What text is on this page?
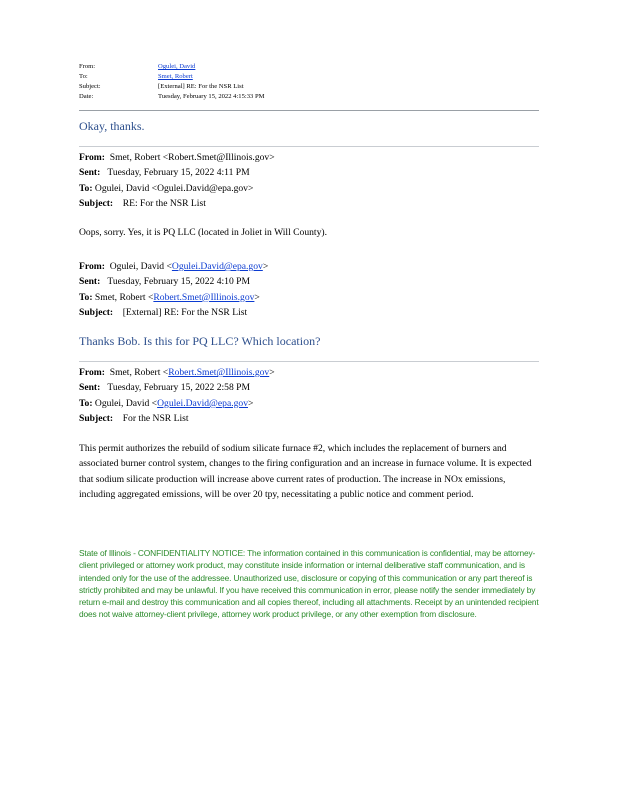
From:	Ogulei, David
To:	Smet, Robert
Subject:	[External] RE: For the NSR List
Date:	Tuesday, February 15, 2022 4:15:33 PM
Okay, thanks.
From: Smet, Robert <Robert.Smet@Illinois.gov>
Sent: Tuesday, February 15, 2022 4:11 PM
To: Ogulei, David <Ogulei.David@epa.gov>
Subject: RE: For the NSR List
Oops, sorry. Yes, it is PQ LLC (located in Joliet in Will County).
From: Ogulei, David <Ogulei.David@epa.gov>
Sent: Tuesday, February 15, 2022 4:10 PM
To: Smet, Robert <Robert.Smet@Illinois.gov>
Subject: [External] RE: For the NSR List
Thanks Bob. Is this for PQ LLC? Which location?
From: Smet, Robert <Robert.Smet@Illinois.gov>
Sent: Tuesday, February 15, 2022 2:58 PM
To: Ogulei, David <Ogulei.David@epa.gov>
Subject: For the NSR List
This permit authorizes the rebuild of sodium silicate furnace #2, which includes the replacement of burners and associated burner control system, changes to the firing configuration and an increase in furnace volume. It is expected that sodium silicate production will increase above current rates of production. The increase in NOx emissions, including aggregated emissions, will be over 20 tpy, necessitating a public notice and comment period.
State of Illinois - CONFIDENTIALITY NOTICE: The information contained in this communication is confidential, may be attorney-client privileged or attorney work product, may constitute inside information or internal deliberative staff communication, and is intended only for the use of the addressee. Unauthorized use, disclosure or copying of this communication or any part thereof is strictly prohibited and may be unlawful. If you have received this communication in error, please notify the sender immediately by return e-mail and destroy this communication and all copies thereof, including all attachments. Receipt by an unintended recipient does not waive attorney-client privilege, attorney work product privilege, or any other exemption from disclosure.
